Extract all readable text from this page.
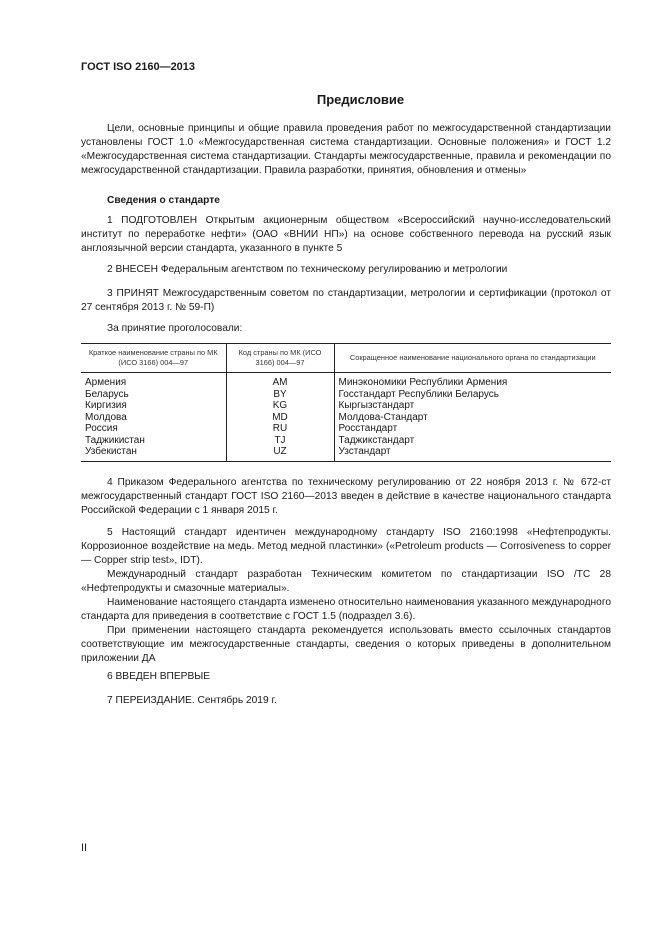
ГОСТ ISO 2160—2013
Предисловие

Цели, основные принципы и общие правила проведения работ по межгосударственной стандартизации установлены ГОСТ 1.0 «Межгосударственная система стандартизации. Основные положения» и ГОСТ 1.2 «Межгосударственная система стандартизации. Стандарты межгосударственные, правила и рекомендации по межгосударственной стандартизации. Правила разработки, принятия, обновления и отмены»

Сведения о стандарте

1 ПОДГОТОВЛЕН Открытым акционерным обществом «Всероссийский научно-исследовательский институт по переработке нефти» (ОАО «ВНИИ НП») на основе собственного перевода на русский язык англоязычной версии стандарта, указанного в пункте 5

2 ВНЕСЕН Федеральным агентством по техническому регулированию и метрологии

3 ПРИНЯТ Межгосударственным советом по стандартизации, метрологии и сертификации (протокол от 27 сентября 2013 г. № 59-П)

За принятие проголосовали:

Краткое наименование страны по МК (ИСО 3166) 004—97	Код страны по МК (ИСО 3166) 004—97	Сокращенное наименование национального органа по стандартизации
Армения	AM	Минэкономики Республики Армения
Беларусь	BY	Госстандарт Республики Беларусь
Киргизия	KG	Кыргызстандарт
Молдова	MD	Молдова-Стандарт
Россия	RU	Росстандарт
Таджикистан	TJ	Таджикстандарт
Узбекистан	UZ	Узстандарт

4 Приказом Федерального агентства по техническому регулированию от 22 ноября 2013 г. № 672-ст межгосударственный стандарт ГОСТ ISO 2160—2013 введен в действие в качестве национального стандарта Российской Федерации с 1 января 2015 г.

5 Настоящий стандарт идентичен международному стандарту ISO 2160:1998 «Нефтепродукты. Коррозионное воздействие на медь. Метод медной пластинки» («Petroleum products — Corrosiveness to copper — Copper strip test», IDT).

Международный стандарт разработан Техническим комитетом по стандартизации ISO /TC 28 «Нефтепродукты и смазочные материалы».

Наименование настоящего стандарта изменено относительно наименования указанного международного стандарта для приведения в соответствие с ГОСТ 1.5 (подраздел 3.6).

При применении настоящего стандарта рекомендуется использовать вместо ссылочных стандартов соответствующие им межгосударственные стандарты, сведения о которых приведены в дополнительном приложении ДА

6 ВВЕДЕН ВПЕРВЫЕ

7 ПЕРЕИЗДАНИЕ. Сентябрь 2019 г.

II
